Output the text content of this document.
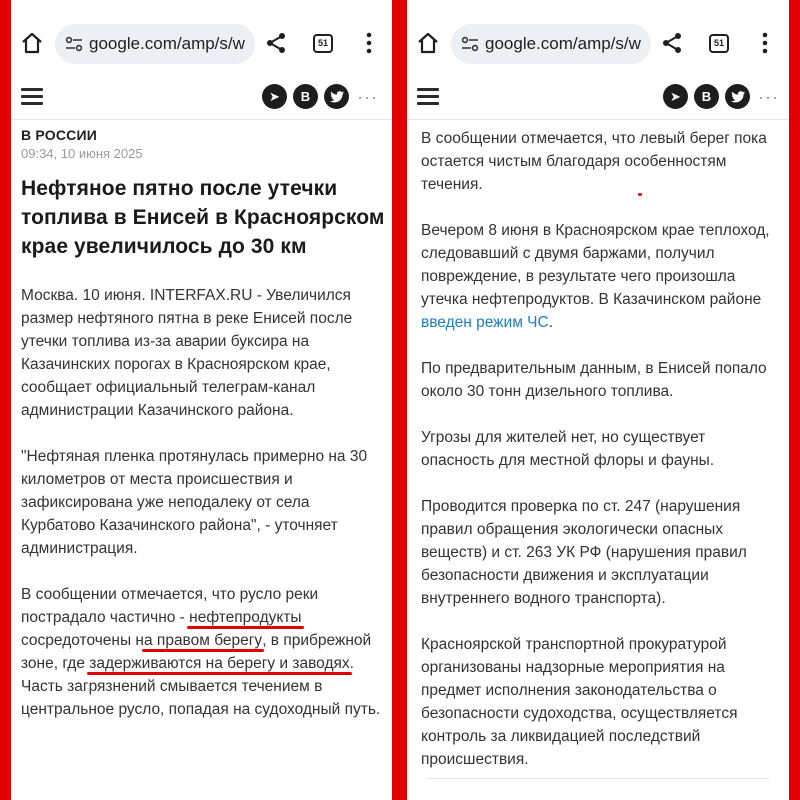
google.com/amp/s/w	51
➤	B	···
В РОССИИ
09:34, 10 июня 2025
Нефтяное пятно после утечки топлива в Енисей в Красноярском крае увеличилось до 30 км

Москва. 10 июня. INTERFAX.RU - Увеличился размер нефтяного пятна в реке Енисей после утечки топлива из-за аварии буксира на Казачинских порогах в Красноярском крае, сообщает официальный телеграм-канал администрации Казачинского района.

"Нефтяная пленка протянулась примерно на 30 километров от места происшествия и зафиксирована уже неподалеку от села Курбатово Казачинского района", - уточняет администрация.

В сообщении отмечается, что русло реки пострадало частично - нефтепродукты сосредоточены на правом берегу, в прибрежной зоне, где задерживаются на берегу и заводях. Часть загрязнений смывается течением в центральное русло, попадая на судоходный путь.

google.com/amp/s/w	51
➤	B	···

В сообщении отмечается, что левый берег пока остается чистым благодаря особенностям течения.

Вечером 8 июня в Красноярском крае теплоход, следовавший с двумя баржами, получил повреждение, в результате чего произошла утечка нефтепродуктов. В Казачинском районе введен режим ЧС.

По предварительным данным, в Енисей попало около 30 тонн дизельного топлива.

Угрозы для жителей нет, но существует опасность для местной флоры и фауны.

Проводится проверка по ст. 247 (нарушения правил обращения экологически опасных веществ) и ст. 263 УК РФ (нарушения правил безопасности движения и эксплуатации внутреннего водного транспорта).

Красноярской транспортной прокуратурой организованы надзорные мероприятия на предмет исполнения законодательства о безопасности судоходства, осуществляется контроль за ликвидацией последствий происшествия.
